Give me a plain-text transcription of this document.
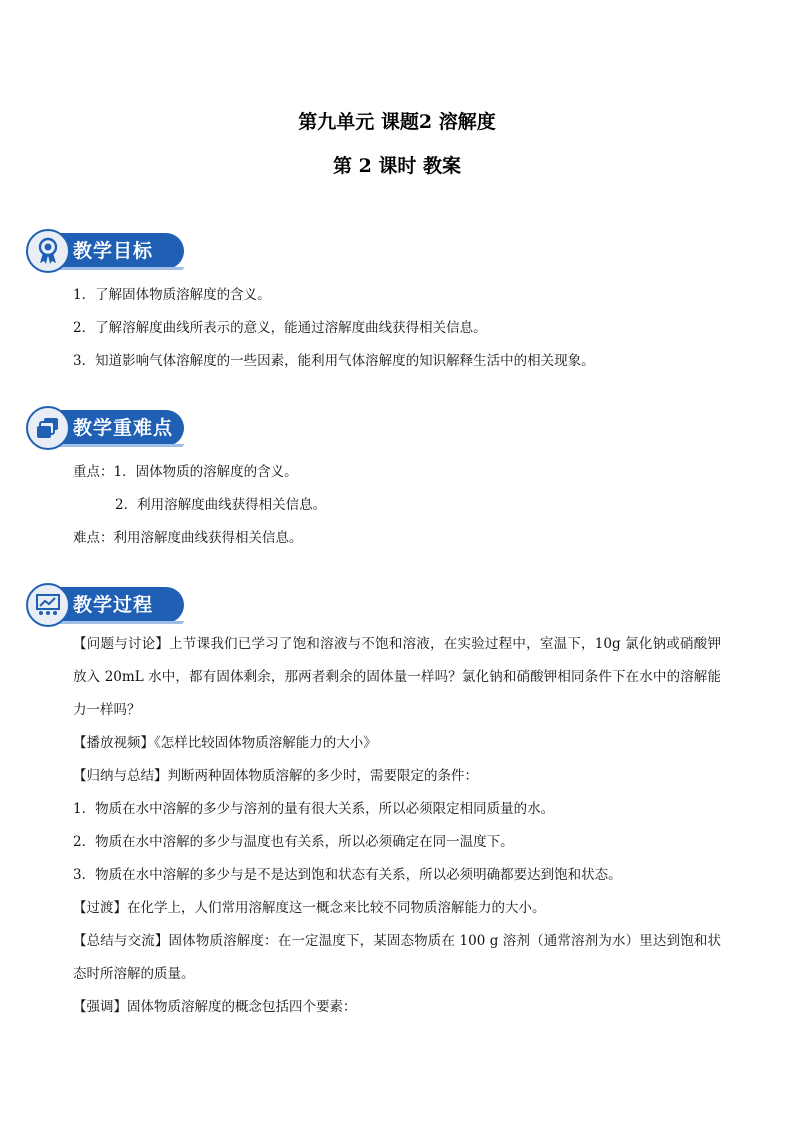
第九单元 课题2 溶解度
第 2 课时 教案
教学目标
1．了解固体物质溶解度的含义。
2．了解溶解度曲线所表示的意义，能通过溶解度曲线获得相关信息。
3．知道影响气体溶解度的一些因素，能利用气体溶解度的知识解释生活中的相关现象。
教学重难点
重点：1．固体物质的溶解度的含义。
2．利用溶解度曲线获得相关信息。
难点：利用溶解度曲线获得相关信息。
教学过程
【问题与讨论】上节课我们已学习了饱和溶液与不饱和溶液，在实验过程中，室温下，10g 氯化钠或硝酸钾放入 20mL 水中，都有固体剩余，那两者剩余的固体量一样吗？氯化钠和硝酸钾相同条件下在水中的溶解能力一样吗？
【播放视频】《怎样比较固体物质溶解能力的大小》
【归纳与总结】判断两种固体物质溶解的多少时，需要限定的条件：
1．物质在水中溶解的多少与溶剂的量有很大关系，所以必须限定相同质量的水。
2．物质在水中溶解的多少与温度也有关系，所以必须确定在同一温度下。
3．物质在水中溶解的多少与是不是达到饱和状态有关系，所以必须明确都要达到饱和状态。
【过渡】在化学上，人们常用溶解度这一概念来比较不同物质溶解能力的大小。
【总结与交流】固体物质溶解度：在一定温度下，某固态物质在 100 g 溶剂（通常溶剂为水）里达到饱和状态时所溶解的质量。
【强调】固体物质溶解度的概念包括四个要素：
